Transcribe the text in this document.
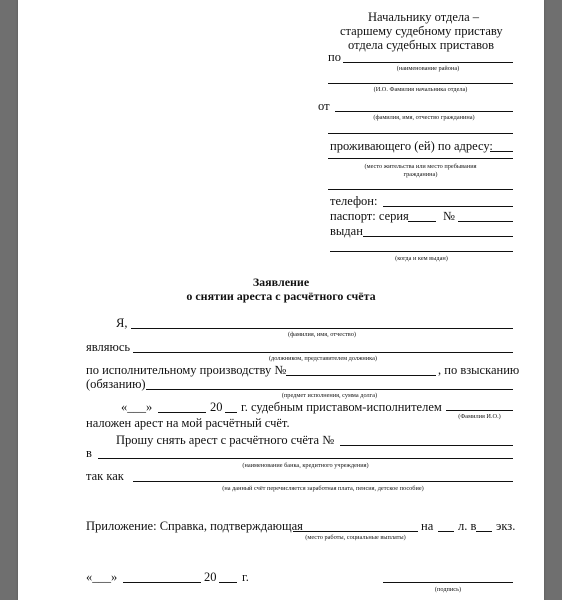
Начальнику отдела –
старшему судебному приставу
отдела судебных приставов
по
(наименование района)
(И.О. Фамилия начальника отдела)
от
(фамилия, имя, отчество гражданина)
проживающего (ей) по адресу:
(место жительства или место пребывания
гражданина)
телефон:
паспорт: серия	№
выдан
(когда и кем выдан)
Заявление
о снятии ареста с расчётного счёта
Я,
(фамилия, имя, отчество)
являюсь
(должником, представителем должника)
по исполнительному производству №	, по взысканию
(обязанию)
(предмет исполнения, сумма долга)
«___»	20 г. судебным приставом-исполнителем
(Фамилия И.О.)
наложен арест на мой расчётный счёт.
Прошу снять арест с расчётного счёта №
в
(наименование банка, кредитного учреждения)
так как
(на данный счёт перечисляется заработная плата, пенсия, детское пособие)
Приложение: Справка, подтверждающая	на л. в экз.
(место работы, социальные выплаты)
«___»	20 г.
(подпись)
